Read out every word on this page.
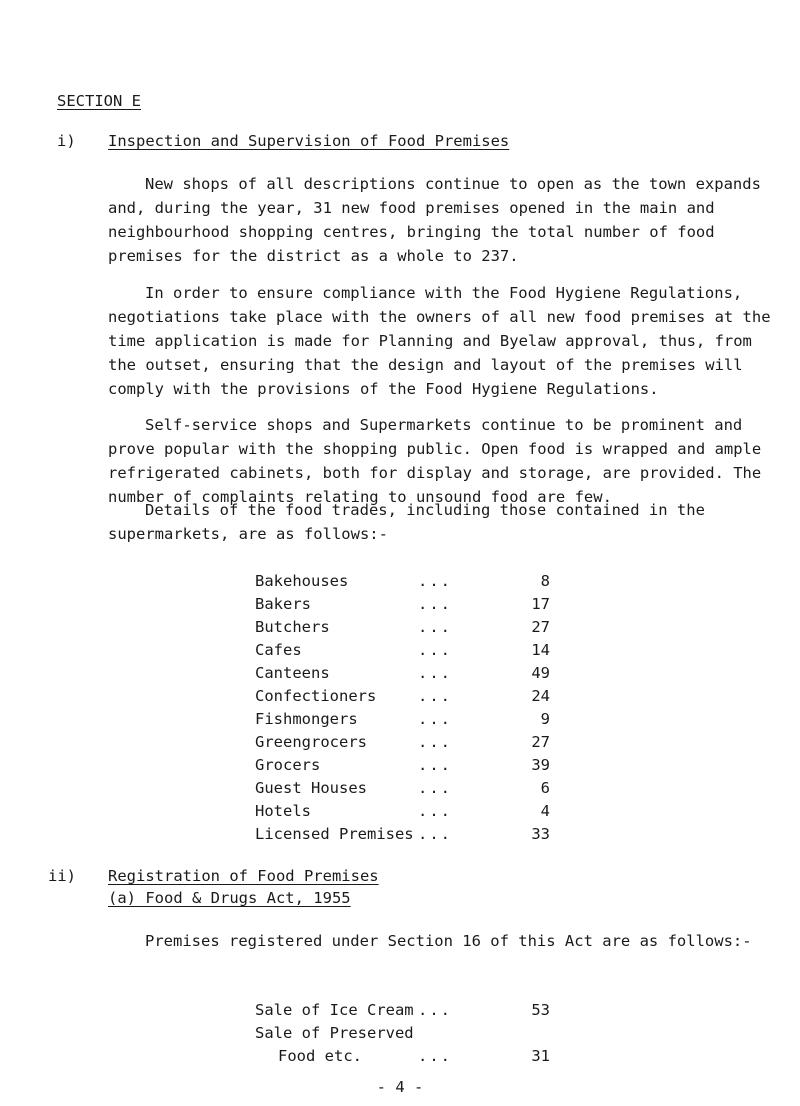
SECTION E
i) Inspection and Supervision of Food Premises

New shops of all descriptions continue to open as the town expands and, during the year, 31 new food premises opened in the main and neighbourhood shopping centres, bringing the total number of food premises for the district as a whole to 237.

In order to ensure compliance with the Food Hygiene Regulations, negotiations take place with the owners of all new food premises at the time application is made for Planning and Byelaw approval, thus, from the outset, ensuring that the design and layout of the premises will comply with the provisions of the Food Hygiene Regulations.

Self-service shops and Supermarkets continue to be prominent and prove popular with the shopping public. Open food is wrapped and ample refrigerated cabinets, both for display and storage, are provided. The number of complaints relating to unsound food are few.

Details of the food trades, including those contained in the supermarkets, are as follows:-

Bakehouses	...	8
Bakers	...	17
Butchers	...	27
Cafes	...	14
Canteens	...	49
Confectioners	...	24
Fishmongers	...	9
Greengrocers	...	27
Grocers	...	39
Guest Houses	...	6
Hotels	...	4
Licensed Premises ...	33
ii) Registration of Food Premises
(a) Food & Drugs Act, 1955

Premises registered under Section 16 of this Act are as follows:-

Sale of Ice Cream ...	53
Sale of Preserved
Food etc.	...	31
- 4 -
